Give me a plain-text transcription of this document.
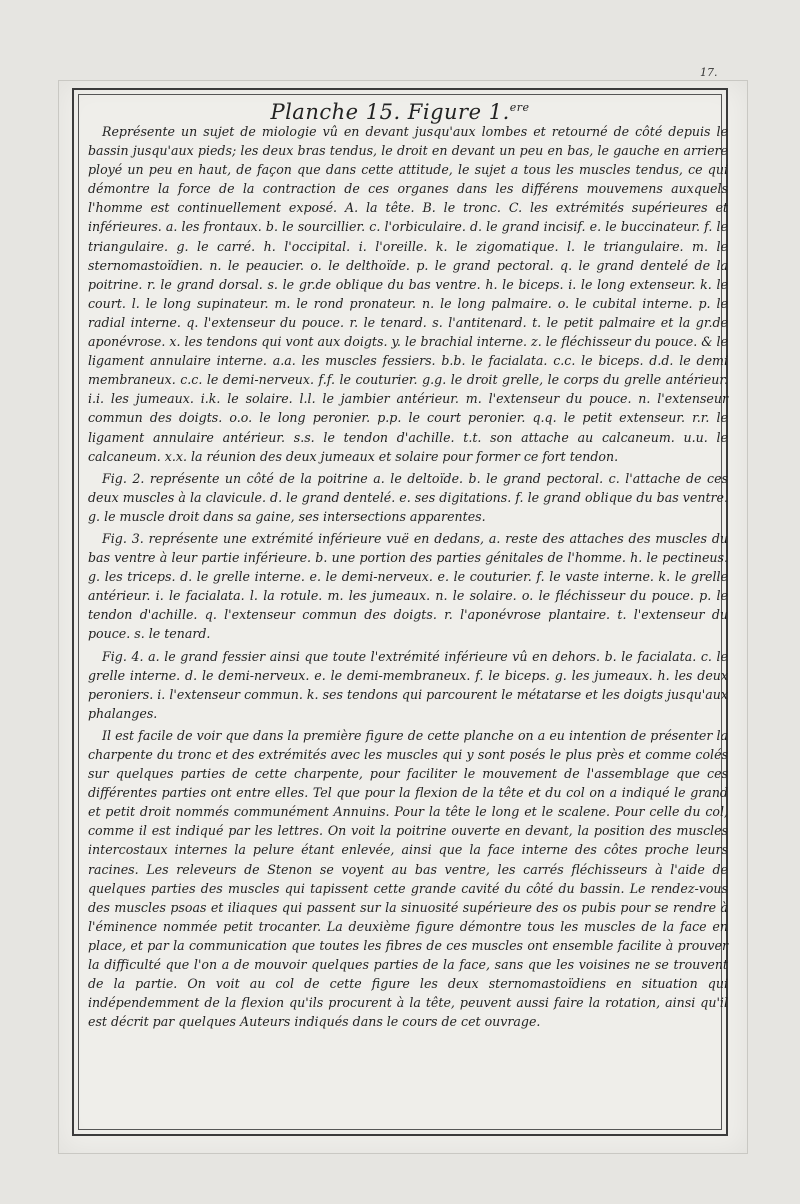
17.
Planche 15. Figure 1.$^{ere}$

Représente un sujet de miologie vû en devant jusqu'aux lombes et retourné de côté depuis le bassin jusqu'aux pieds; les deux bras tendus, le droit en devant un peu en bas, le gauche en arriere ployé un peu en haut, de façon que dans cette attitude, le sujet a tous les muscles tendus, ce qui démontre la force de la contraction de ces organes dans les différens mouvemens auxquels l'homme est continuellement exposé. A. la tête. B. le tronc. C. les extrémités supérieures et inférieures. a. les frontaux. b. le sourcillier. c. l'orbiculaire. d. le grand incisif. e. le buccinateur. f. le triangulaire. g. le carré. h. l'occipital. i. l'oreille. k. le zigomatique. l. le triangulaire. m. le sternomastoïdien. n. le peaucier. o. le delthoïde. p. le grand pectoral. q. le grand dentelé de la poitrine. r. le grand dorsal. s. le gr.de oblique du bas ventre. h. le biceps. i. le long extenseur. k. le court. l. le long supinateur. m. le rond pronateur. n. le long palmaire. o. le cubital interne. p. le radial interne. q. l'extenseur du pouce. r. le tenard. s. l'antitenard. t. le petit palmaire et la gr.de aponévrose. x. les tendons qui vont aux doigts. y. le brachial interne. z. le fléchisseur du pouce. & le ligament annulaire interne. a.a. les muscles fessiers. b.b. le facialata. c.c. le biceps. d.d. le demi membraneux. c.c. le demi-nerveux. f.f. le couturier. g.g. le droit grelle, le corps du grelle antérieur. i.i. les jumeaux. i.k. le solaire. l.l. le jambier antérieur. m. l'extenseur du pouce. n. l'extenseur commun des doigts. o.o. le long peronier. p.p. le court peronier. q.q. le petit extenseur. r.r. le ligament annulaire antérieur. s.s. le tendon d'achille. t.t. son attache au calcaneum. u.u. le calcaneum. x.x. la réunion des deux jumeaux et solaire pour former ce fort tendon.

Fig. 2. représente un côté de la poitrine a. le deltoïde. b. le grand pectoral. c. l'attache de ces deux muscles à la clavicule. d. le grand dentelé. e. ses digitations. f. le grand oblique du bas ventre. g. le muscle droit dans sa gaine, ses intersections apparentes.

Fig. 3. représente une extrémité inférieure vuë en dedans, a. reste des attaches des muscles du bas ventre à leur partie inférieure. b. une portion des parties génitales de l'homme. h. le pectineus. g. les triceps. d. le grelle interne. e. le demi-nerveux. e. le couturier. f. le vaste interne. k. le grelle antérieur. i. le facialata. l. la rotule. m. les jumeaux. n. le solaire. o. le fléchisseur du pouce. p. le tendon d'achille. q. l'extenseur commun des doigts. r. l'aponévrose plantaire. t. l'extenseur du pouce. s. le tenard.

Fig. 4. a. le grand fessier ainsi que toute l'extrémité inférieure vû en dehors. b. le facialata. c. le grelle interne. d. le demi-nerveux. e. le demi-membraneux. f. le biceps. g. les jumeaux. h. les deux peroniers. i. l'extenseur commun. k. ses tendons qui parcourent le métatarse et les doigts jusqu'aux phalanges.

Il est facile de voir que dans la première figure de cette planche on a eu intention de présenter la charpente du tronc et des extrémités avec les muscles qui y sont posés le plus près et comme colés sur quelques parties de cette charpente, pour faciliter le mouvement de l'assemblage que ces différentes parties ont entre elles. Tel que pour la flexion de la tête et du col on a indiqué le grand et petit droit nommés communément Annuins. Pour la tête le long et le scalene. Pour celle du col, comme il est indiqué par les lettres. On voit la poitrine ouverte en devant, la position des muscles intercostaux internes la pelure étant enlevée, ainsi que la face interne des côtes proche leurs racines. Les releveurs de Stenon se voyent au bas ventre, les carrés fléchisseurs à l'aide de quelques parties des muscles qui tapissent cette grande cavité du côté du bassin. Le rendez-vous des muscles psoas et iliaques qui passent sur la sinuosité supérieure des os pubis pour se rendre à l'éminence nommée petit trocanter. La deuxième figure démontre tous les muscles de la face en place, et par la communication que toutes les fibres de ces muscles ont ensemble facilite à prouver la difficulté que l'on a de mouvoir quelques parties de la face, sans que les voisines ne se trouvent de la partie. On voit au col de cette figure les deux sternomastoïdiens en situation qui indépendemment de la flexion qu'ils procurent à la tête, peuvent aussi faire la rotation, ainsi qu'il est décrit par quelques Auteurs indiqués dans le cours de cet ouvrage.
